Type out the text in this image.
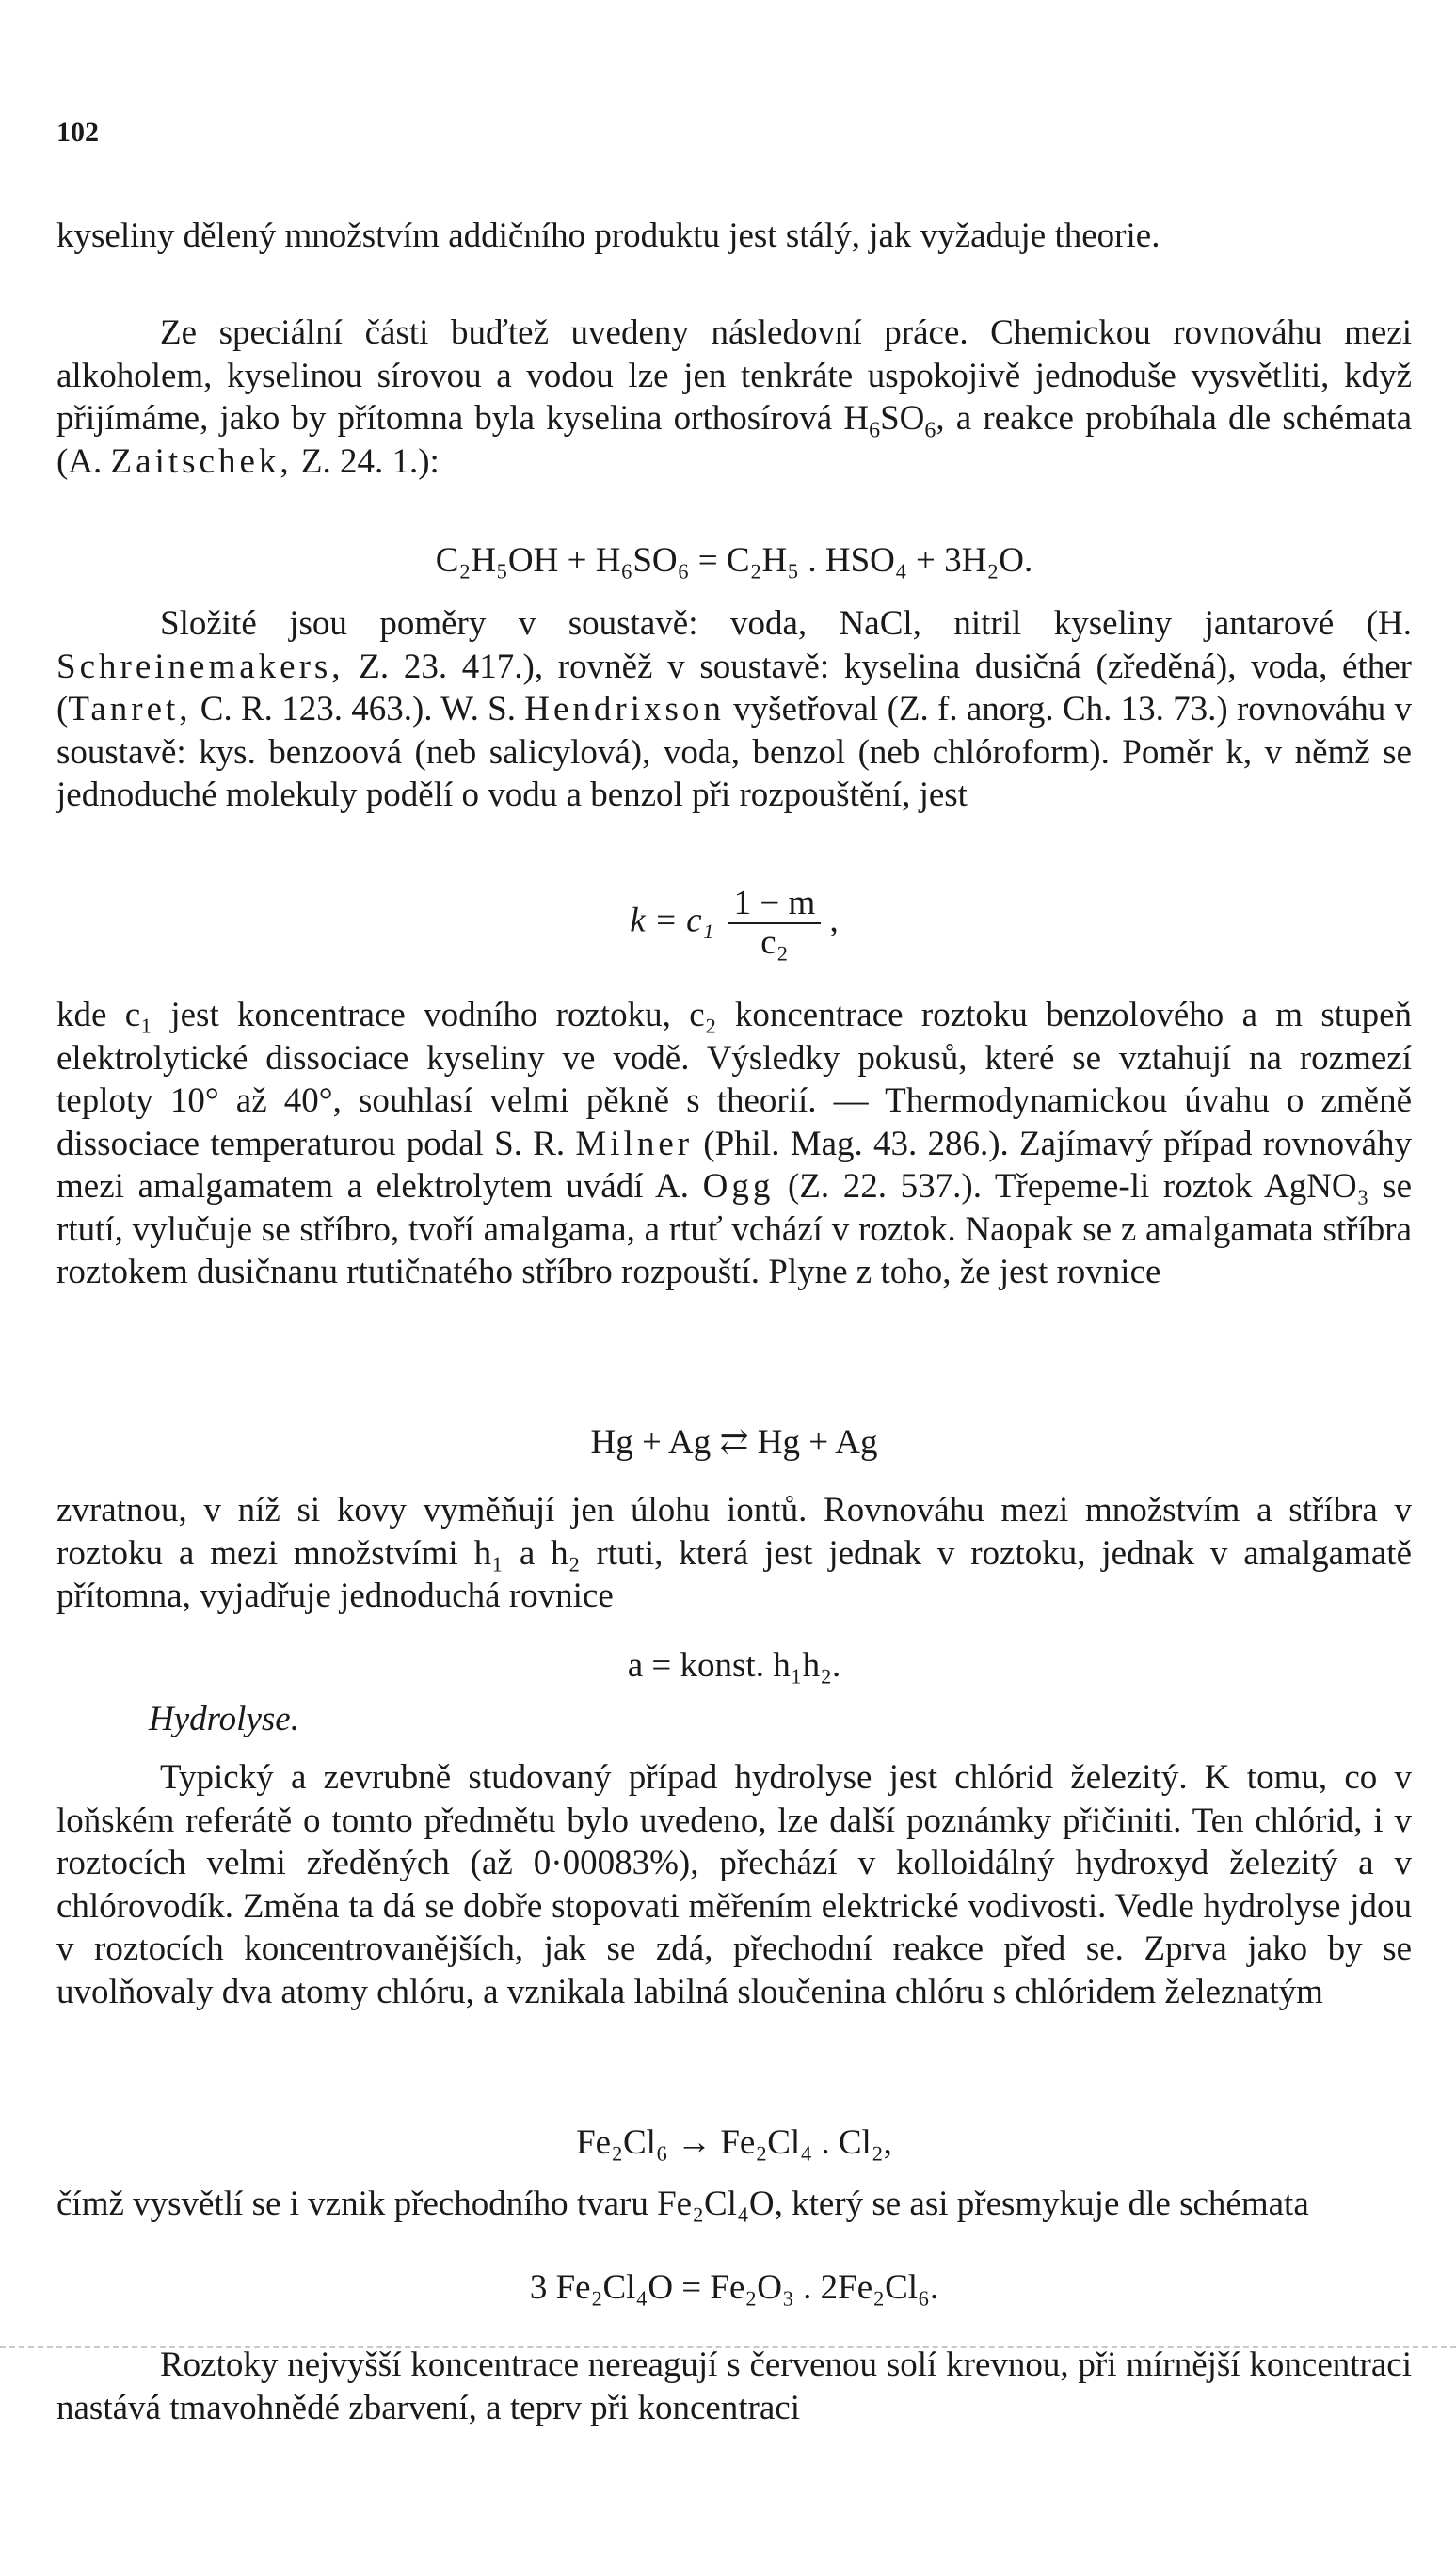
102

kyseliny dělený množstvím addičního produktu jest stálý, jak vyžaduje theorie.

Ze speciální části buďtež uvedeny následovní práce. Chemickou rovnováhu mezi alkoholem, kyselinou sírovou a vodou lze jen tenkráte uspokojivě jednoduše vysvětliti, když přijímáme, jako by přítomna byla kyselina orthosírová $H_6SO_6$, a reakce probíhala dle schémata (A. Zaitschek, Z. 24. 1.):

C₂H₅OH + H₆SO₆ = C₂H₅ . HSO₄ + 3H₂O.

Složité jsou poměry v soustavě: voda, NaCl, nitril kyseliny jantarové (H. Schreinemakers, Z. 23. 417.), rovněž v soustavě: kyselina dusičná (zředěná), voda, éther (Tanret, C. R. 123. 463.). W. S. Hendrixson vyšetřoval (Z. f. anorg. Ch. 13. 73.) rovnováhu v soustavě: kys. benzoová (neb salicylová), voda, benzol (neb chlóroform). Poměr k, v němž se jednoduché molekuly podělí o vodu a benzol při rozpouštění, jest

$k = c_1 \frac{1 - m}{\text{c₂}}$ ,

kde c₁ jest koncentrace vodního roztoku, c₂ koncentrace roztoku benzolového a m stupeň elektrolytické dissociace kyseliny ve vodě. Výsledky pokusů, které se vztahují na rozmezí teploty 10° až 40°, souhlasí velmi pěkně s theorií. — Thermodynamickou úvahu o změně dissociace temperaturou podal S. R. Milner (Phil. Mag. 43. 286.). Zajímavý případ rovnováhy mezi amalgamatem a elektrolytem uvádí A. Ogg (Z. 22. 537.). Třepeme-li roztok AgNO₃ se rtutí, vylučuje se stříbro, tvoří amalgama, a rtuť vchází v roztok. Naopak se z amalgamata stříbra roztokem dusičnanu rtutičnatého stříbro rozpouští. Plyne z toho, že jest rovnice

Hg + Ag ⇄ Hg + Ag

zvratnou, v níž si kovy vyměňují jen úlohu iontů. Rovnováhu mezi množstvím a stříbra v roztoku a mezi množstvími h₁ a h₂ rtuti, která jest jednak v roztoku, jednak v amalgamatě přítomna, vyjadřuje jednoduchá rovnice

a = konst. h₁h₂.
Hydrolyse.

Typický a zevrubně studovaný případ hydrolyse jest chlórid železitý. K tomu, co v loňském referátě o tomto předmětu bylo uvedeno, lze další poznámky přičiniti. Ten chlórid, i v roztocích velmi zředěných (až 0·00083%), přechází v kolloidálný hydroxyd železitý a v chlórovodík. Změna ta dá se dobře stopovati měřením elektrické vodivosti. Vedle hydrolyse jdou v roztocích koncentrovanějších, jak se zdá, přechodní reakce před se. Zprva jako by se uvolňovaly dva atomy chlóru, a vznikala labilná sloučenina chlóru s chlóridem železnatým

Fe₂Cl₆ → Fe₂Cl₄ . Cl₂,

čímž vysvětlí se i vznik přechodního tvaru Fe₂Cl₄O, který se asi přesmykuje dle schémata

3 Fe₂Cl₄O = Fe₂O₃ . 2Fe₂Cl₆.

Roztoky nejvyšší koncentrace nereagují s červenou solí krevnou, při mírnější koncentraci nastává tmavohnědé zbarvení, a teprv při koncentraci
